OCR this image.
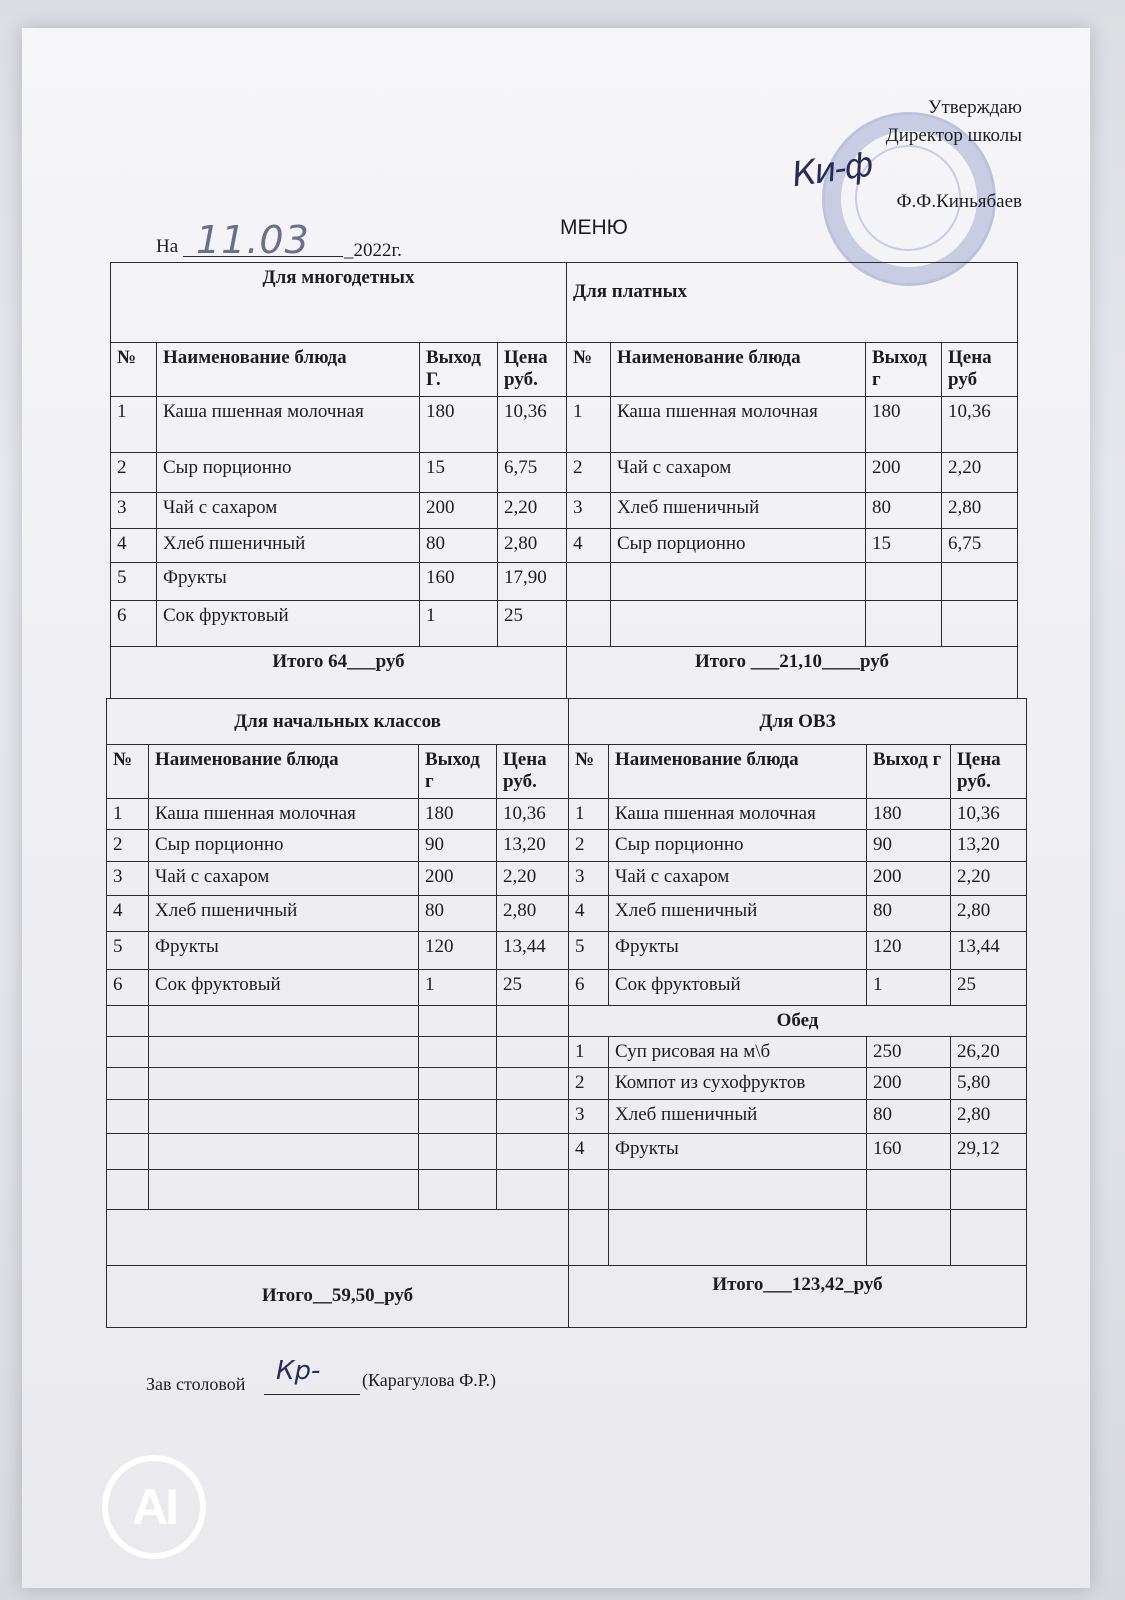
Утверждаю
Директор школы
Ки-ф
Ф.Ф.Киньябаев
МЕНЮ
На 11.03 _2022г.
Для многодетных				Для платных			
№	Наименование блюда	Выход Г.	Цена руб.	№	Наименование блюда	Выход г	Цена руб
1	Каша пшенная молочная	180	10,36	1	Каша пшенная молочная	180	10,36
2	Сыр порционно	15	6,75	2	Чай с сахаром	200	2,20
3	Чай с сахаром	200	2,20	3	Хлеб пшеничный	80	2,80
4	Хлеб пшеничный	80	2,80	4	Сыр порционно	15	6,75
5	Фрукты	160	17,90				
6	Сок фруктовый	1	25				
Итого 64___руб				Итого ___21,10____руб			
Для начальных классов				Для ОВЗ			
№	Наименование блюда	Выход г	Цена руб.	№	Наименование блюда	Выход г	Цена руб.
1	Каша пшенная молочная	180	10,36	1	Каша пшенная молочная	180	10,36
2	Сыр порционно	90	13,20	2	Сыр порционно	90	13,20
3	Чай с сахаром	200	2,20	3	Чай с сахаром	200	2,20
4	Хлеб пшеничный	80	2,80	4	Хлеб пшеничный	80	2,80
5	Фрукты	120	13,44	5	Фрукты	120	13,44
6	Сок фруктовый	1	25	6	Сок фруктовый	1	25
				Обед			
				1	Суп рисовая на м\б	250	26,20
				2	Компот из сухофруктов	200	5,80
				3	Хлеб пшеничный	80	2,80
				4	Фрукты	160	29,12

Итого__59,50_руб				Итого___123,42_руб			
Зав столовой Кр- (Карагулова Ф.Р.)
AI
